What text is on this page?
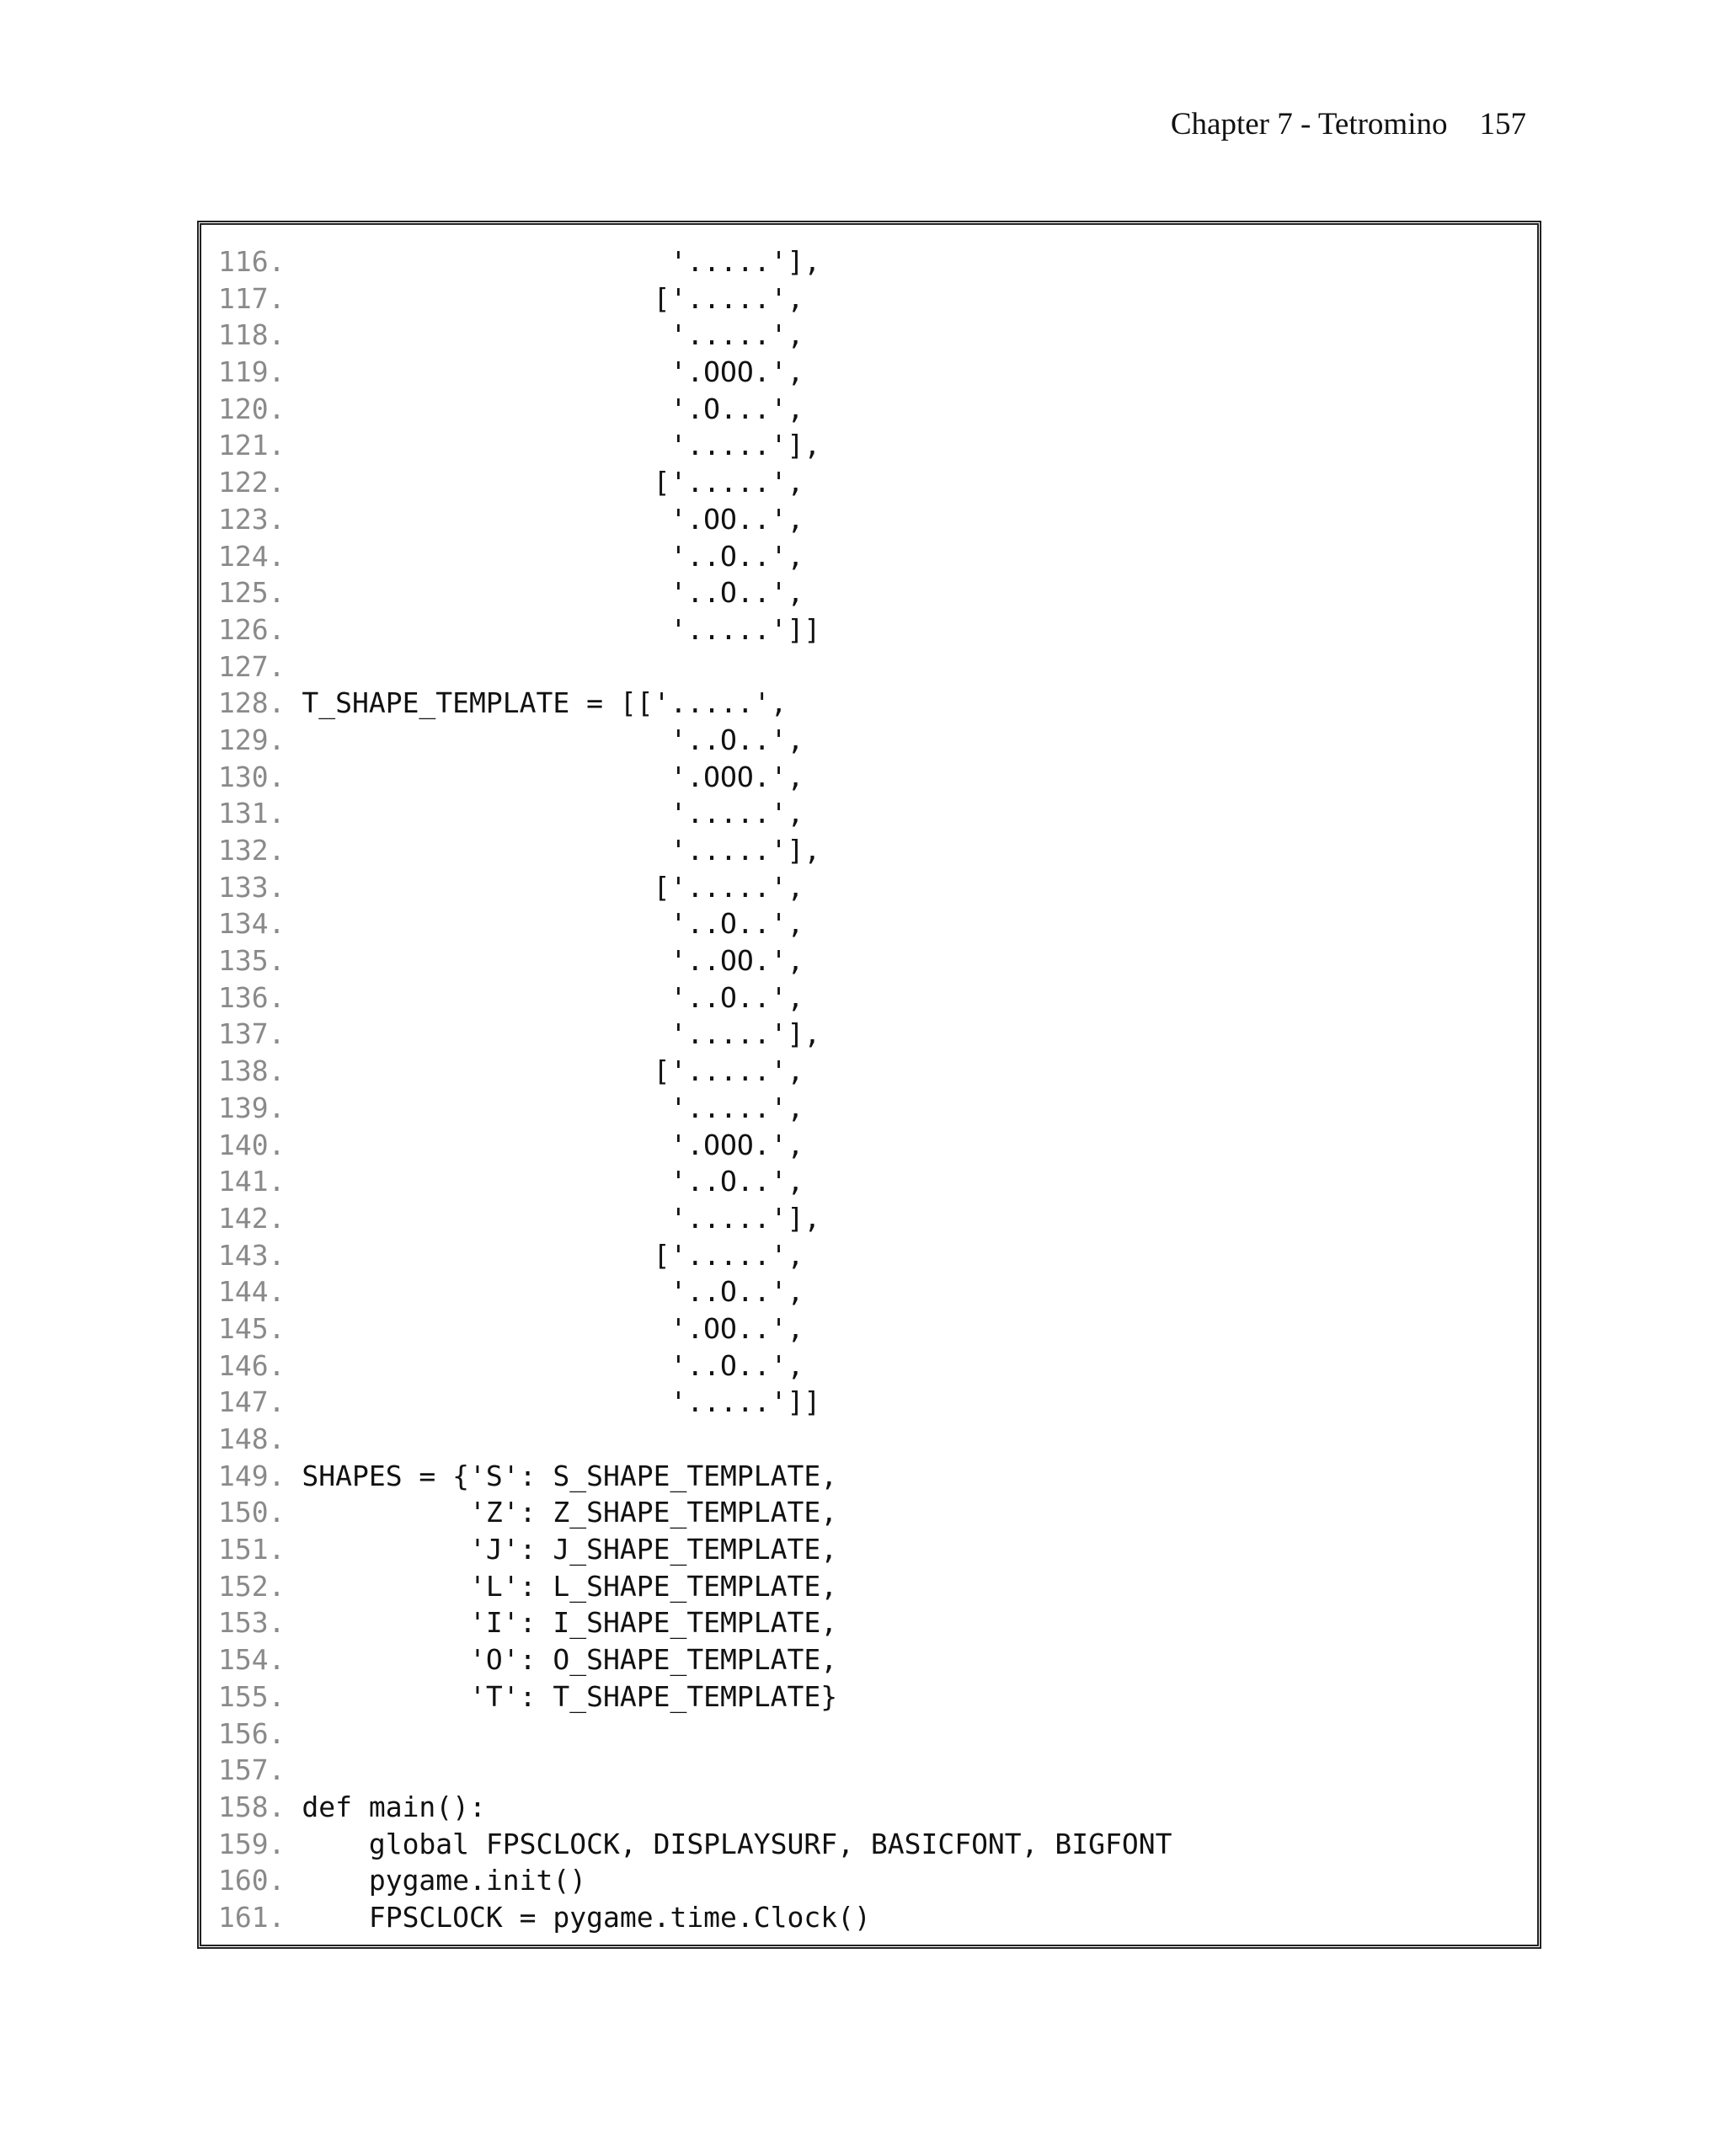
Chapter 7 - Tetromino 157
116.                       '.....'],
117.                      ['.....',
118.                       '.....',
119.                       '.OOO.',
120.                       '.O...',
121.                       '.....'],
122.                      ['.....',
123.                       '.OO..',
124.                       '..O..',
125.                       '..O..',
126.                       '.....']]
127.
128. T_SHAPE_TEMPLATE = [['.....',
129.                       '..O..',
130.                       '.OOO.',
131.                       '.....',
132.                       '.....'],
133.                      ['.....',
134.                       '..O..',
135.                       '..OO.',
136.                       '..O..',
137.                       '.....'],
138.                      ['.....',
139.                       '.....',
140.                       '.OOO.',
141.                       '..O..',
142.                       '.....'],
143.                      ['.....',
144.                       '..O..',
145.                       '.OO..',
146.                       '..O..',
147.                       '.....']]
148.
149. SHAPES = {'S': S_SHAPE_TEMPLATE,
150.           'Z': Z_SHAPE_TEMPLATE,
151.           'J': J_SHAPE_TEMPLATE,
152.           'L': L_SHAPE_TEMPLATE,
153.           'I': I_SHAPE_TEMPLATE,
154.           'O': O_SHAPE_TEMPLATE,
155.           'T': T_SHAPE_TEMPLATE}
156.
157.
158. def main():
159.     global FPSCLOCK, DISPLAYSURF, BASICFONT, BIGFONT
160.     pygame.init()
161.     FPSCLOCK = pygame.time.Clock()
